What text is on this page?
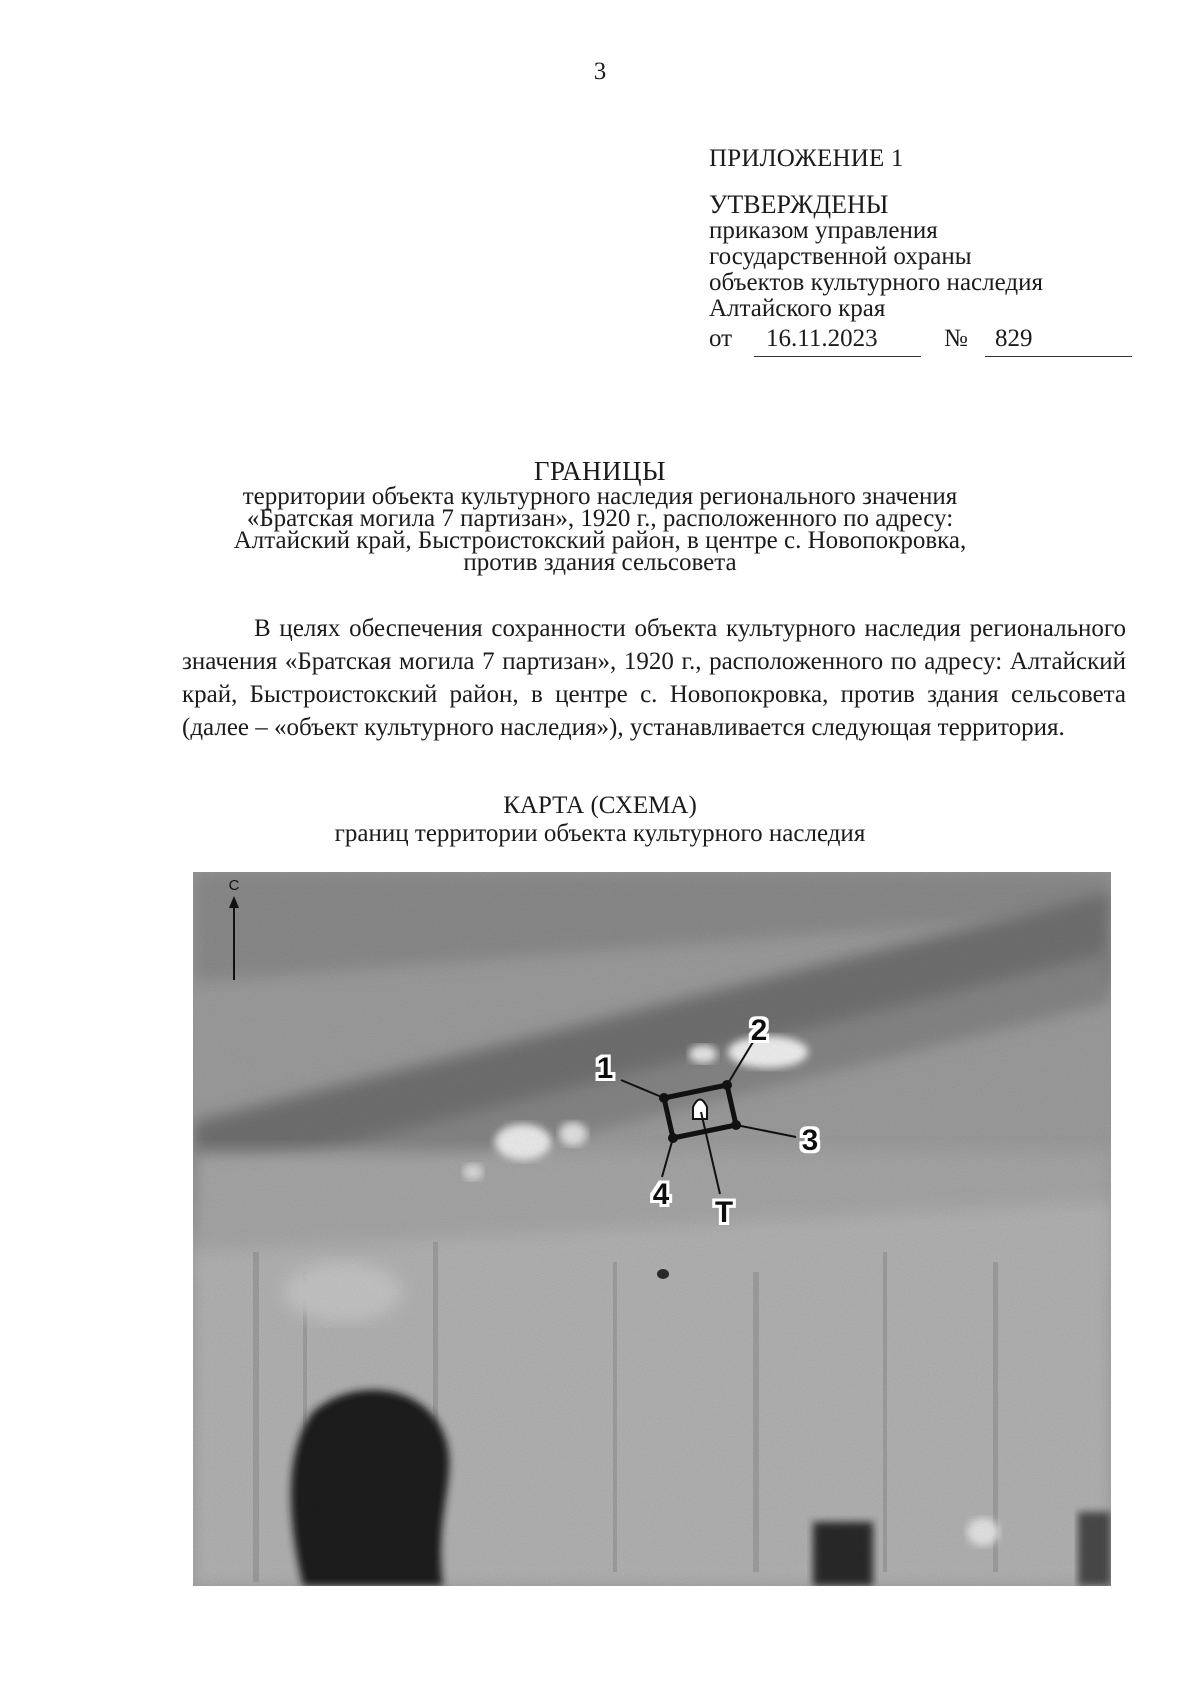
3
ПРИЛОЖЕНИЕ 1
УТВЕРЖДЕНЫ
приказом управления
государственной охраны
объектов культурного наследия
Алтайского края
от	16.11.2023	№	829
ГРАНИЦЫ
территории объекта культурного наследия регионального значения
«Братская могила 7 партизан», 1920 г., расположенного по адресу:
Алтайский край, Быстроистокский район, в центре с. Новопокровка,
против здания сельсовета
В целях обеспечения сохранности объекта культурного наследия регионального значения «Братская могила 7 партизан», 1920 г., расположенного по адресу: Алтайский край, Быстроистокский район, в центре с. Новопокровка, против здания сельсовета (далее – «объект культурного наследия»), устанавливается следующая территория.
КАРТА (СХЕМА)
границ территории объекта культурного наследия
С
1
2
3
4
Т
